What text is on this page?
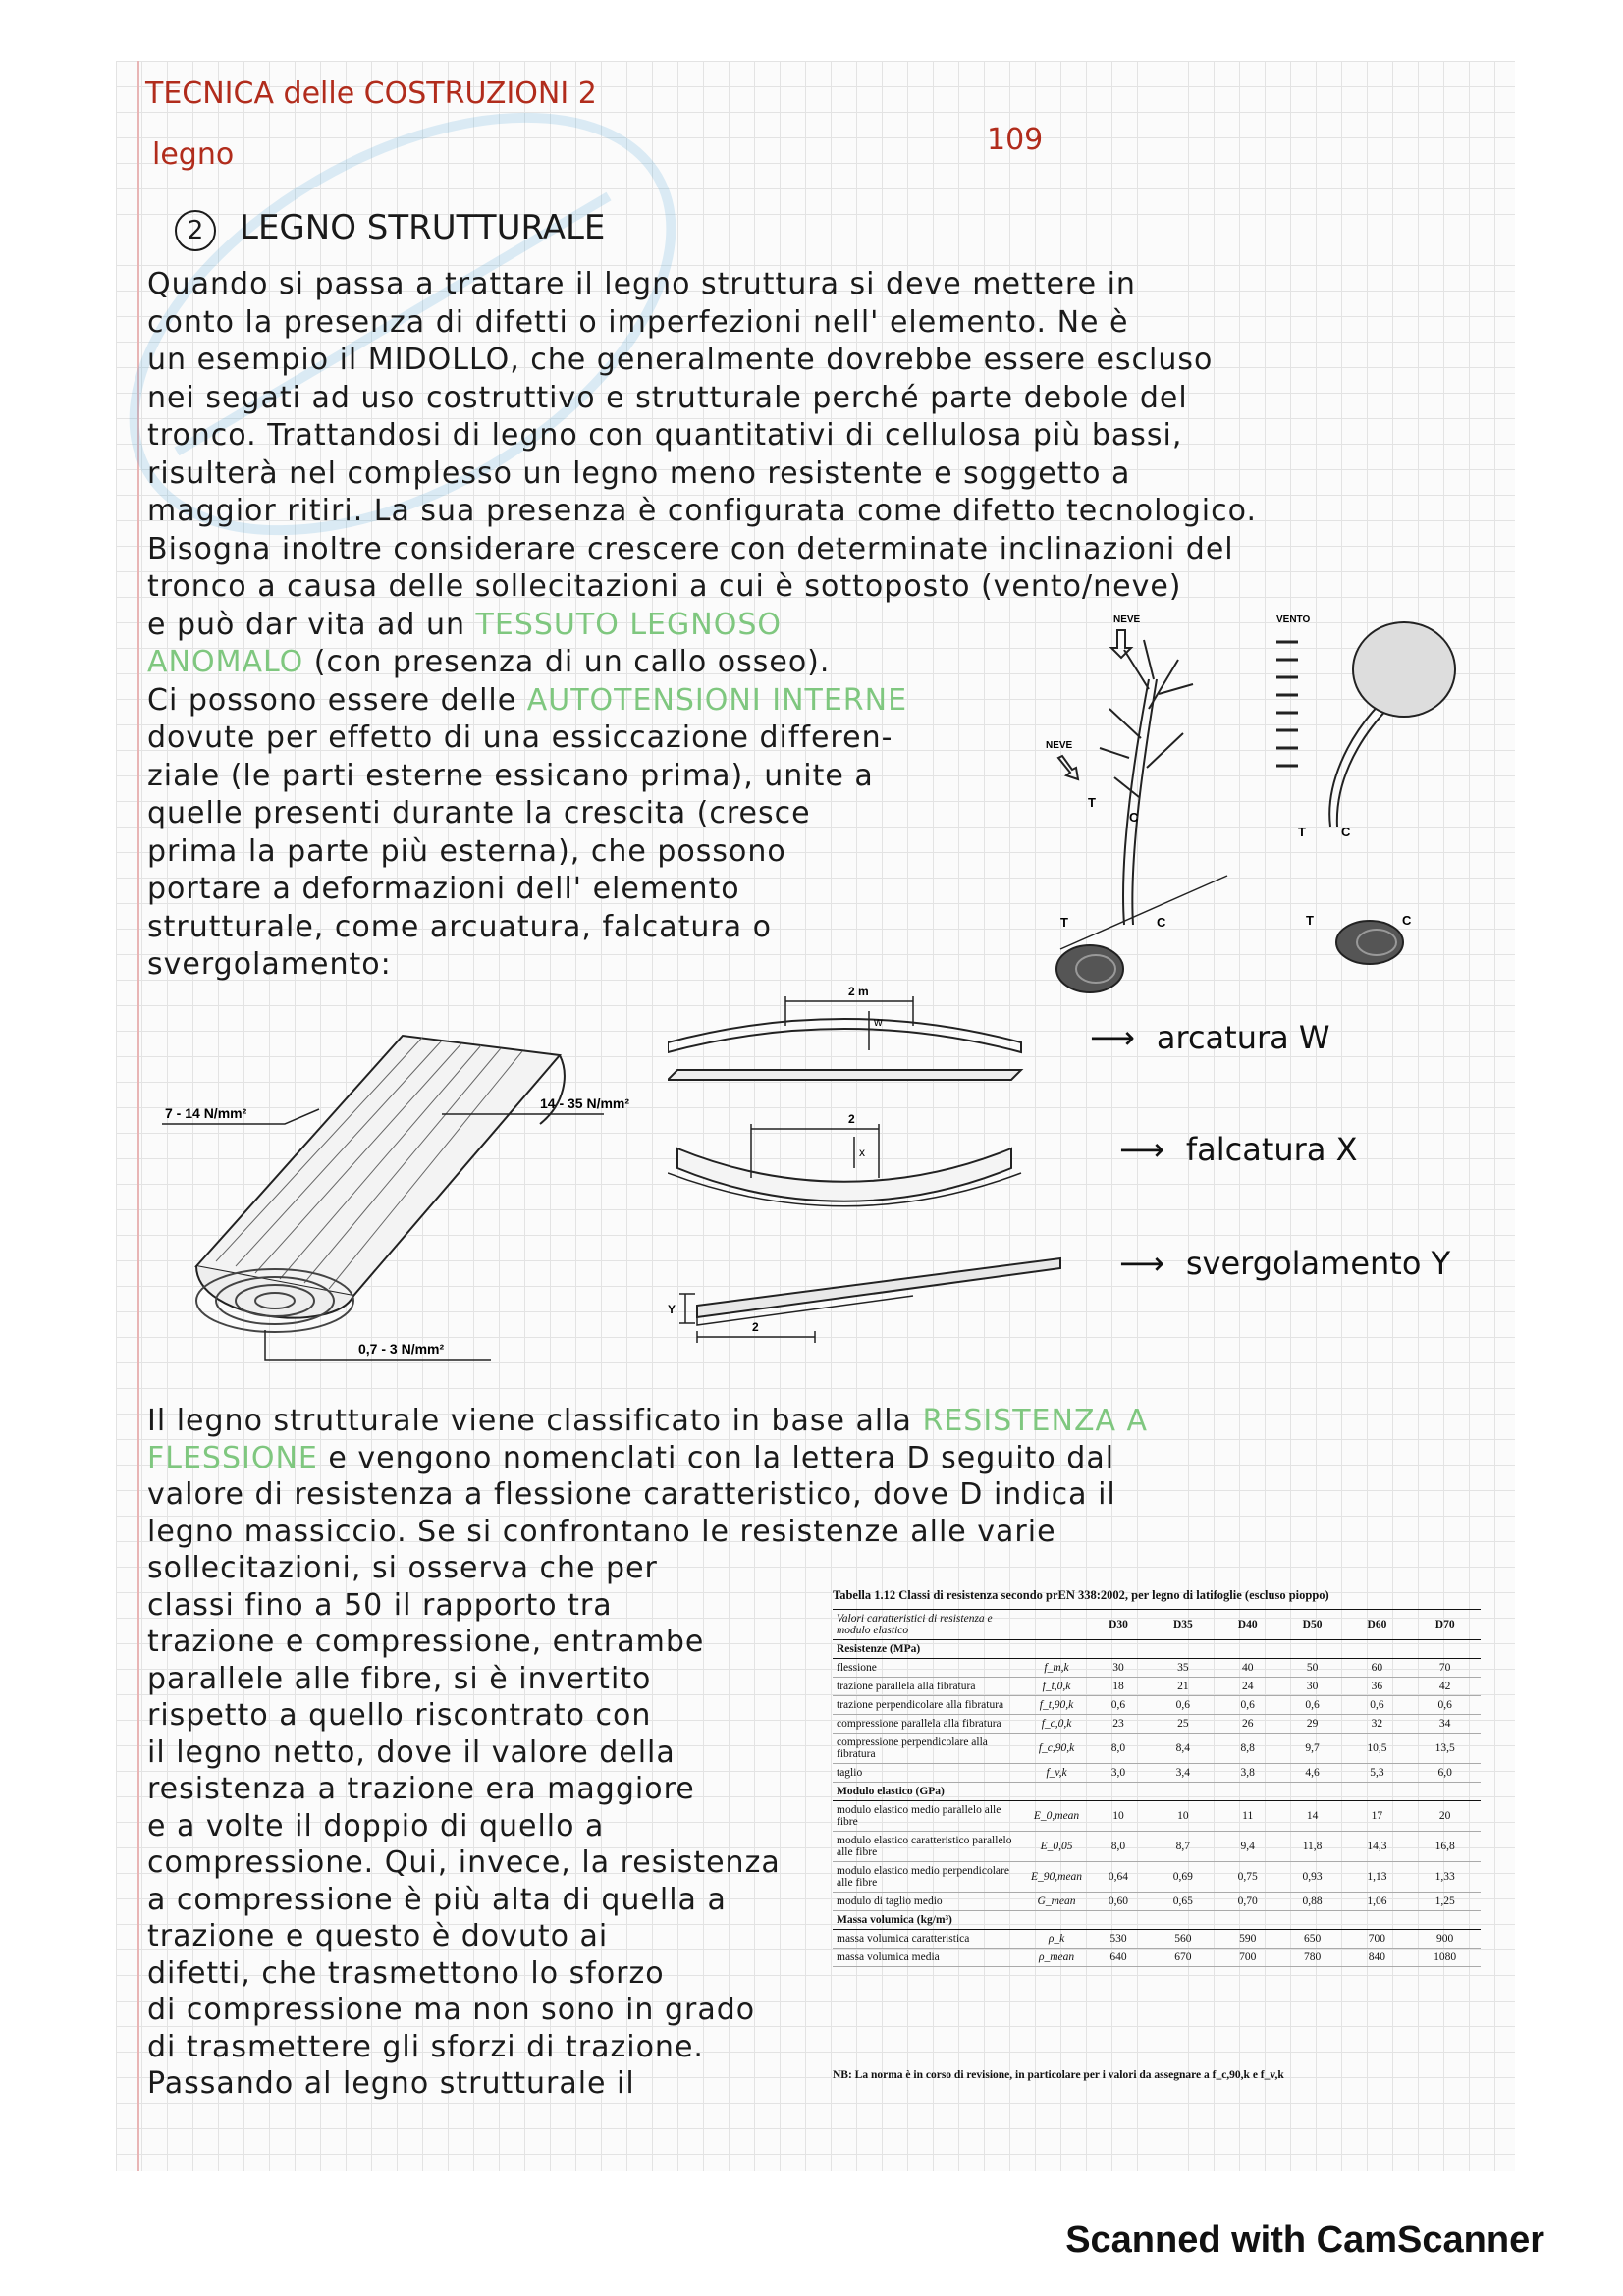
TECNICA delle COSTRUZIONI 2
legno	109
2 LEGNO STRUTTURALE
Quando si passa a trattare il legno struttura si deve mettere in
conto la presenza di difetti o imperfezioni nell' elemento. Ne è
un esempio il MIDOLLO, che generalmente dovrebbe essere escluso
nei segati ad uso costruttivo e strutturale perché parte debole del
tronco. Trattandosi di legno con quantitativi di cellulosa più bassi,
risulterà nel complesso un legno meno resistente e soggetto a
maggior ritiri. La sua presenza è configurata come difetto tecnologico.
Bisogna inoltre considerare crescere con determinate inclinazioni del
tronco a causa delle sollecitazioni a cui è sottoposto (vento/neve)
e può dar vita ad un TESSUTO LEGNOSO
ANOMALO (con presenza di un callo osseo).
Ci possono essere delle AUTOTENSIONI INTERNE
dovute per effetto di una essiccazione differen-
ziale (le parti esterne essicano prima), unite a
quelle presenti durante la crescita (cresce
prima la parte più esterna), che possono
portare a deformazioni dell' elemento
strutturale, come arcuatura, falcatura o
svergolamento:
NEVE
NEVE
T
C
VENTO
T	C
T	C	T	C
7 - 14 N/mm²
14 - 35 N/mm²
0,7 - 3 N/mm²
2 m
w
2
x
Y
2
⟶ arcatura W
⟶ falcatura X
⟶ svergolamento Y
Il legno strutturale viene classificato in base alla RESISTENZA A
FLESSIONE e vengono nomenclati con la lettera D seguito dal
valore di resistenza a flessione caratteristico, dove D indica il
legno massiccio. Se si confrontano le resistenze alle varie
sollecitazioni, si osserva che per
classi fino a 50 il rapporto tra
trazione e compressione, entrambe
parallele alle fibre, si è invertito
rispetto a quello riscontrato con
il legno netto, dove il valore della
resistenza a trazione era maggiore
e a volte il doppio di quello a
compressione. Qui, invece, la resistenza
a compressione è più alta di quella a
trazione e questo è dovuto ai
difetti, che trasmettono lo sforzo
di compressione ma non sono in grado
di trasmettere gli sforzi di trazione.
Passando al legno strutturale il
Tabella 1.12 Classi di resistenza secondo prEN 338:2002, per legno di latifoglie (escluso pioppo)
Valori caratteristici di resistenza e modulo elastico		D30	D35	D40	D50	D60	D70
Resistenze (MPa)							
flessione	f_m,k	30	35	40	50	60	70
trazione parallela alla fibratura	f_t,0,k	18	21	24	30	36	42
trazione perpendicolare alla fibratura	f_t,90,k	0,6	0,6	0,6	0,6	0,6	0,6
compressione parallela alla fibratura	f_c,0,k	23	25	26	29	32	34
compressione perpendicolare alla fibratura	f_c,90,k	8,0	8,4	8,8	9,7	10,5	13,5
taglio	f_v,k	3,0	3,4	3,8	4,6	5,3	6,0
Modulo elastico (GPa)							
modulo elastico medio parallelo alle fibre	E_0,mean	10	10	11	14	17	20
modulo elastico caratteristico parallelo alle fibre	E_0,05	8,0	8,7	9,4	11,8	14,3	16,8
modulo elastico medio perpendicolare alle fibre	E_90,mean	0,64	0,69	0,75	0,93	1,13	1,33
modulo di taglio medio	G_mean	0,60	0,65	0,70	0,88	1,06	1,25
Massa volumica (kg/m³)							
massa volumica caratteristica	ρ_k	530	560	590	650	700	900
massa volumica media	ρ_mean	640	670	700	780	840	1080
NB: La norma è in corso di revisione, in particolare per i valori da assegnare a f_c,90,k e f_v,k
Scanned with CamScanner
